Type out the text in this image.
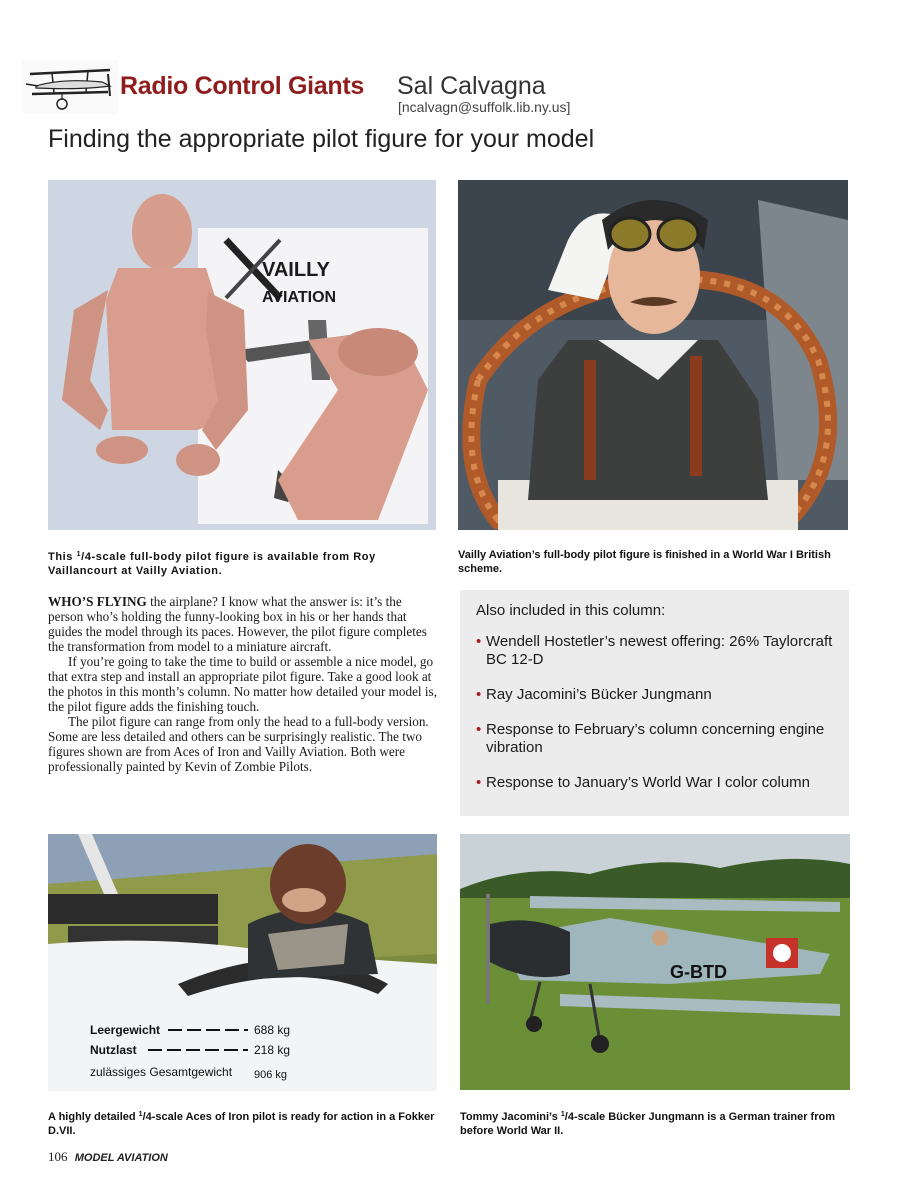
Radio Control Giants Sal Calvagna
[ncalvagn@suffolk.lib.ny.us]
Finding the appropriate pilot figure for your model
VAILLY
AVIATION
This $^1$/4-scale full-body pilot figure is available from Roy Vaillancourt at Vailly Aviation.
Vailly Aviation’s full-body pilot figure is finished in a World War I British scheme.

WHO’S FLYING the airplane? I know what the answer is: it’s the person who’s holding the funny-looking box in his or her hands that guides the model through its paces. However, the pilot figure completes the transformation from model to a miniature aircraft.

If you’re going to take the time to build or assemble a nice model, go that extra step and install an appropriate pilot figure. Take a good look at the photos in this month’s column. No matter how detailed your model is, the pilot figure adds the finishing touch.

The pilot figure can range from only the head to a full-body version. Some are less detailed and others can be surprisingly realistic. The two figures shown are from Aces of Iron and Vailly Aviation. Both were professionally painted by Kevin of Zombie Pilots.

Also included in this column:
• Wendell Hostetler’s newest offering: 26% Taylorcraft BC 12-D
• Ray Jacomini’s Bücker Jungmann
• Response to February’s column concerning engine vibration
• Response to January’s World War I color column
Leergewicht	688 kg
Nutzlast	218 kg
zulässiges Gesamtgewicht 906 kg
G-BTD
A highly detailed $^1$/4-scale Aces of Iron pilot is ready for action in a Fokker D.VII.
Tommy Jacomini’s $^1$/4-scale Bücker Jungmann is a German trainer from before World War II.
106 MODEL AVIATION
